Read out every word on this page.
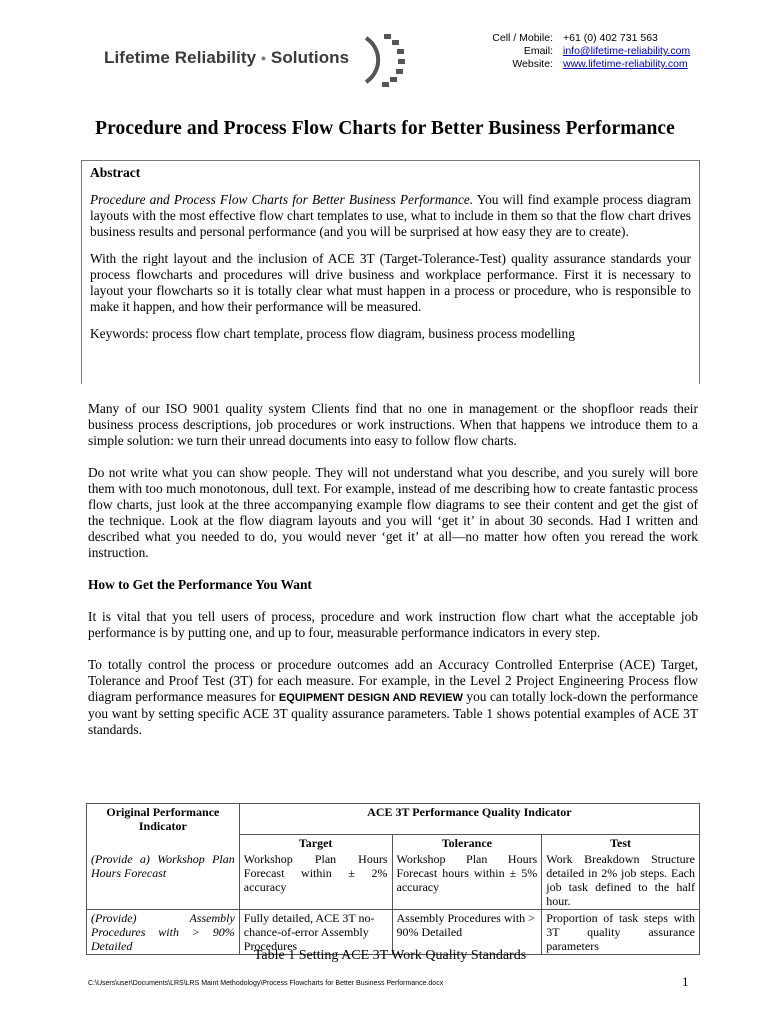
Lifetime Reliability • Solutions
Cell / Mobile: +61 (0) 402 731 563
Email: info@lifetime-reliability.com
Website: www.lifetime-reliability.com
Procedure and Process Flow Charts for Better Business Performance
Abstract

Procedure and Process Flow Charts for Better Business Performance. You will find example process diagram layouts with the most effective flow chart templates to use, what to include in them so that the flow chart drives business results and personal performance (and you will be surprised at how easy they are to create).

With the right layout and the inclusion of ACE 3T (Target-Tolerance-Test) quality assurance standards your process flowcharts and procedures will drive business and workplace performance. First it is necessary to layout your flowcharts so it is totally clear what must happen in a process or procedure, who is responsible to make it happen, and how their performance will be measured.

Keywords: process flow chart template, process flow diagram, business process modelling

Many of our ISO 9001 quality system Clients find that no one in management or the shopfloor reads their business process descriptions, job procedures or work instructions. When that happens we introduce them to a simple solution: we turn their unread documents into easy to follow flow charts.

Do not write what you can show people. They will not understand what you describe, and you surely will bore them with too much monotonous, dull text. For example, instead of me describing how to create fantastic process flow charts, just look at the three accompanying example flow diagrams to see their content and get the gist of the technique. Look at the flow diagram layouts and you will ‘get it’ in about 30 seconds. Had I written and described what you needed to do, you would never ‘get it’ at all—no matter how often you reread the work instruction.

How to Get the Performance You Want

It is vital that you tell users of process, procedure and work instruction flow chart what the acceptable job performance is by putting one, and up to four, measurable performance indicators in every step.

To totally control the process or procedure outcomes add an Accuracy Controlled Enterprise (ACE) Target, Tolerance and Proof Test (3T) for each measure. For example, in the Level 2 Project Engineering Process flow diagram performance measures for EQUIPMENT DESIGN AND REVIEW you can totally lock-down the performance you want by setting specific ACE 3T quality assurance parameters. Table 1 shows potential examples of ACE 3T standards.

Original Performance Indicator	ACE 3T Performance Quality Indicator		
	Target	Tolerance	Test
(Provide a) Workshop Plan Hours Forecast	Workshop Plan Hours Forecast within ± 2% accuracy	Workshop Plan Hours Forecast hours within ± 5% accuracy	Work Breakdown Structure detailed in 2% job steps. Each job task defined to the half hour.
(Provide) Assembly Procedures with > 90% Detailed	Fully detailed, ACE 3T no-chance-of-error Assembly Procedures	Assembly Procedures with > 90% Detailed	Proportion of task steps with 3T quality assurance parameters
Table 1 Setting ACE 3T Work Quality Standards
C:\Users\user\Documents\LRS\LRS Maint Methodology\Process Flowcharts for Better Business Performance.docx	1
